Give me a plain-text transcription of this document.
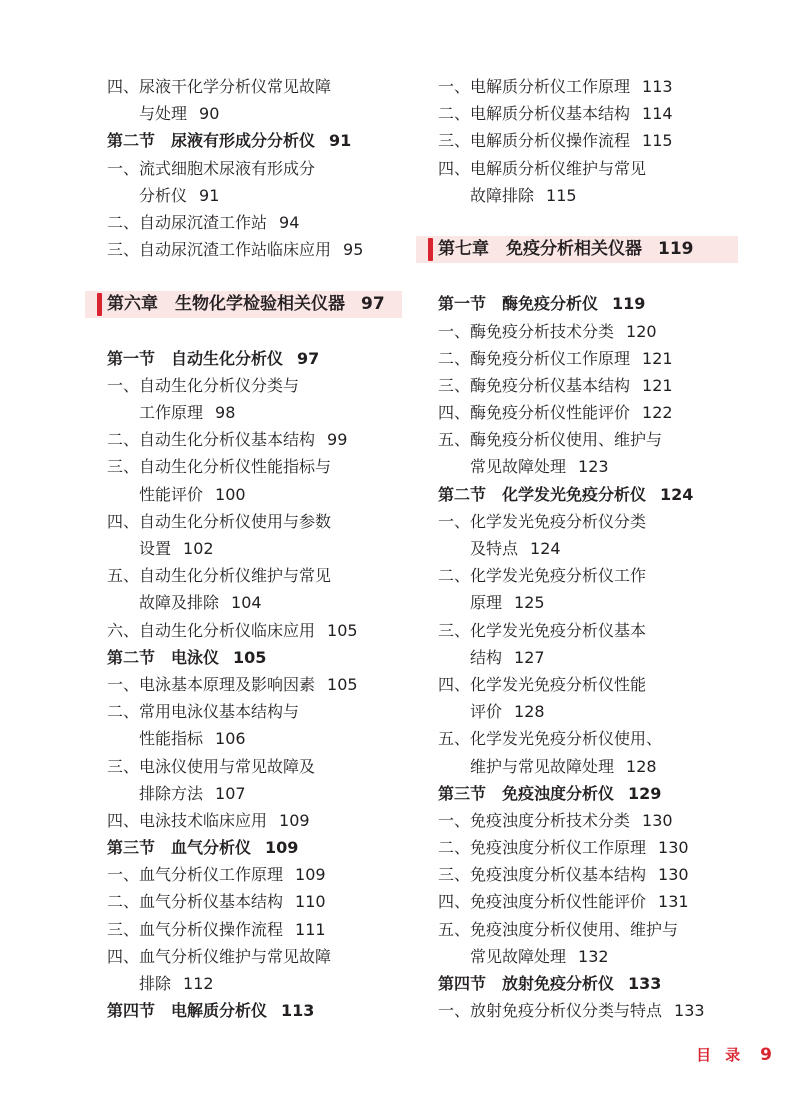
四、尿液干化学分析仪常见故障
与处理 90
第二节　尿液有形成分分析仪 91
一、流式细胞术尿液有形成分
分析仪 91
二、自动尿沉渣工作站 94
三、自动尿沉渣工作站临床应用 95
第六章　生物化学检验相关仪器 97
第一节　自动生化分析仪 97
一、自动生化分析仪分类与
工作原理 98
二、自动生化分析仪基本结构 99
三、自动生化分析仪性能指标与
性能评价 100
四、自动生化分析仪使用与参数
设置 102
五、自动生化分析仪维护与常见
故障及排除 104
六、自动生化分析仪临床应用 105
第二节　电泳仪 105
一、电泳基本原理及影响因素 105
二、常用电泳仪基本结构与
性能指标 106
三、电泳仪使用与常见故障及
排除方法 107
四、电泳技术临床应用 109
第三节　血气分析仪 109
一、血气分析仪工作原理 109
二、血气分析仪基本结构 110
三、血气分析仪操作流程 111
四、血气分析仪维护与常见故障
排除 112
第四节　电解质分析仪 113
一、电解质分析仪工作原理 113
二、电解质分析仪基本结构 114
三、电解质分析仪操作流程 115
四、电解质分析仪维护与常见
故障排除 115
第七章　免疫分析相关仪器 119
第一节　酶免疫分析仪 119
一、酶免疫分析技术分类 120
二、酶免疫分析仪工作原理 121
三、酶免疫分析仪基本结构 121
四、酶免疫分析仪性能评价 122
五、酶免疫分析仪使用、维护与
常见故障处理 123
第二节　化学发光免疫分析仪 124
一、化学发光免疫分析仪分类
及特点 124
二、化学发光免疫分析仪工作
原理 125
三、化学发光免疫分析仪基本
结构 127
四、化学发光免疫分析仪性能
评价 128
五、化学发光免疫分析仪使用、
维护与常见故障处理 128
第三节　免疫浊度分析仪 129
一、免疫浊度分析技术分类 130
二、免疫浊度分析仪工作原理 130
三、免疫浊度分析仪基本结构 130
四、免疫浊度分析仪性能评价 131
五、免疫浊度分析仪使用、维护与
常见故障处理 132
第四节　放射免疫分析仪 133
一、放射免疫分析仪分类与特点 133
目录 9
